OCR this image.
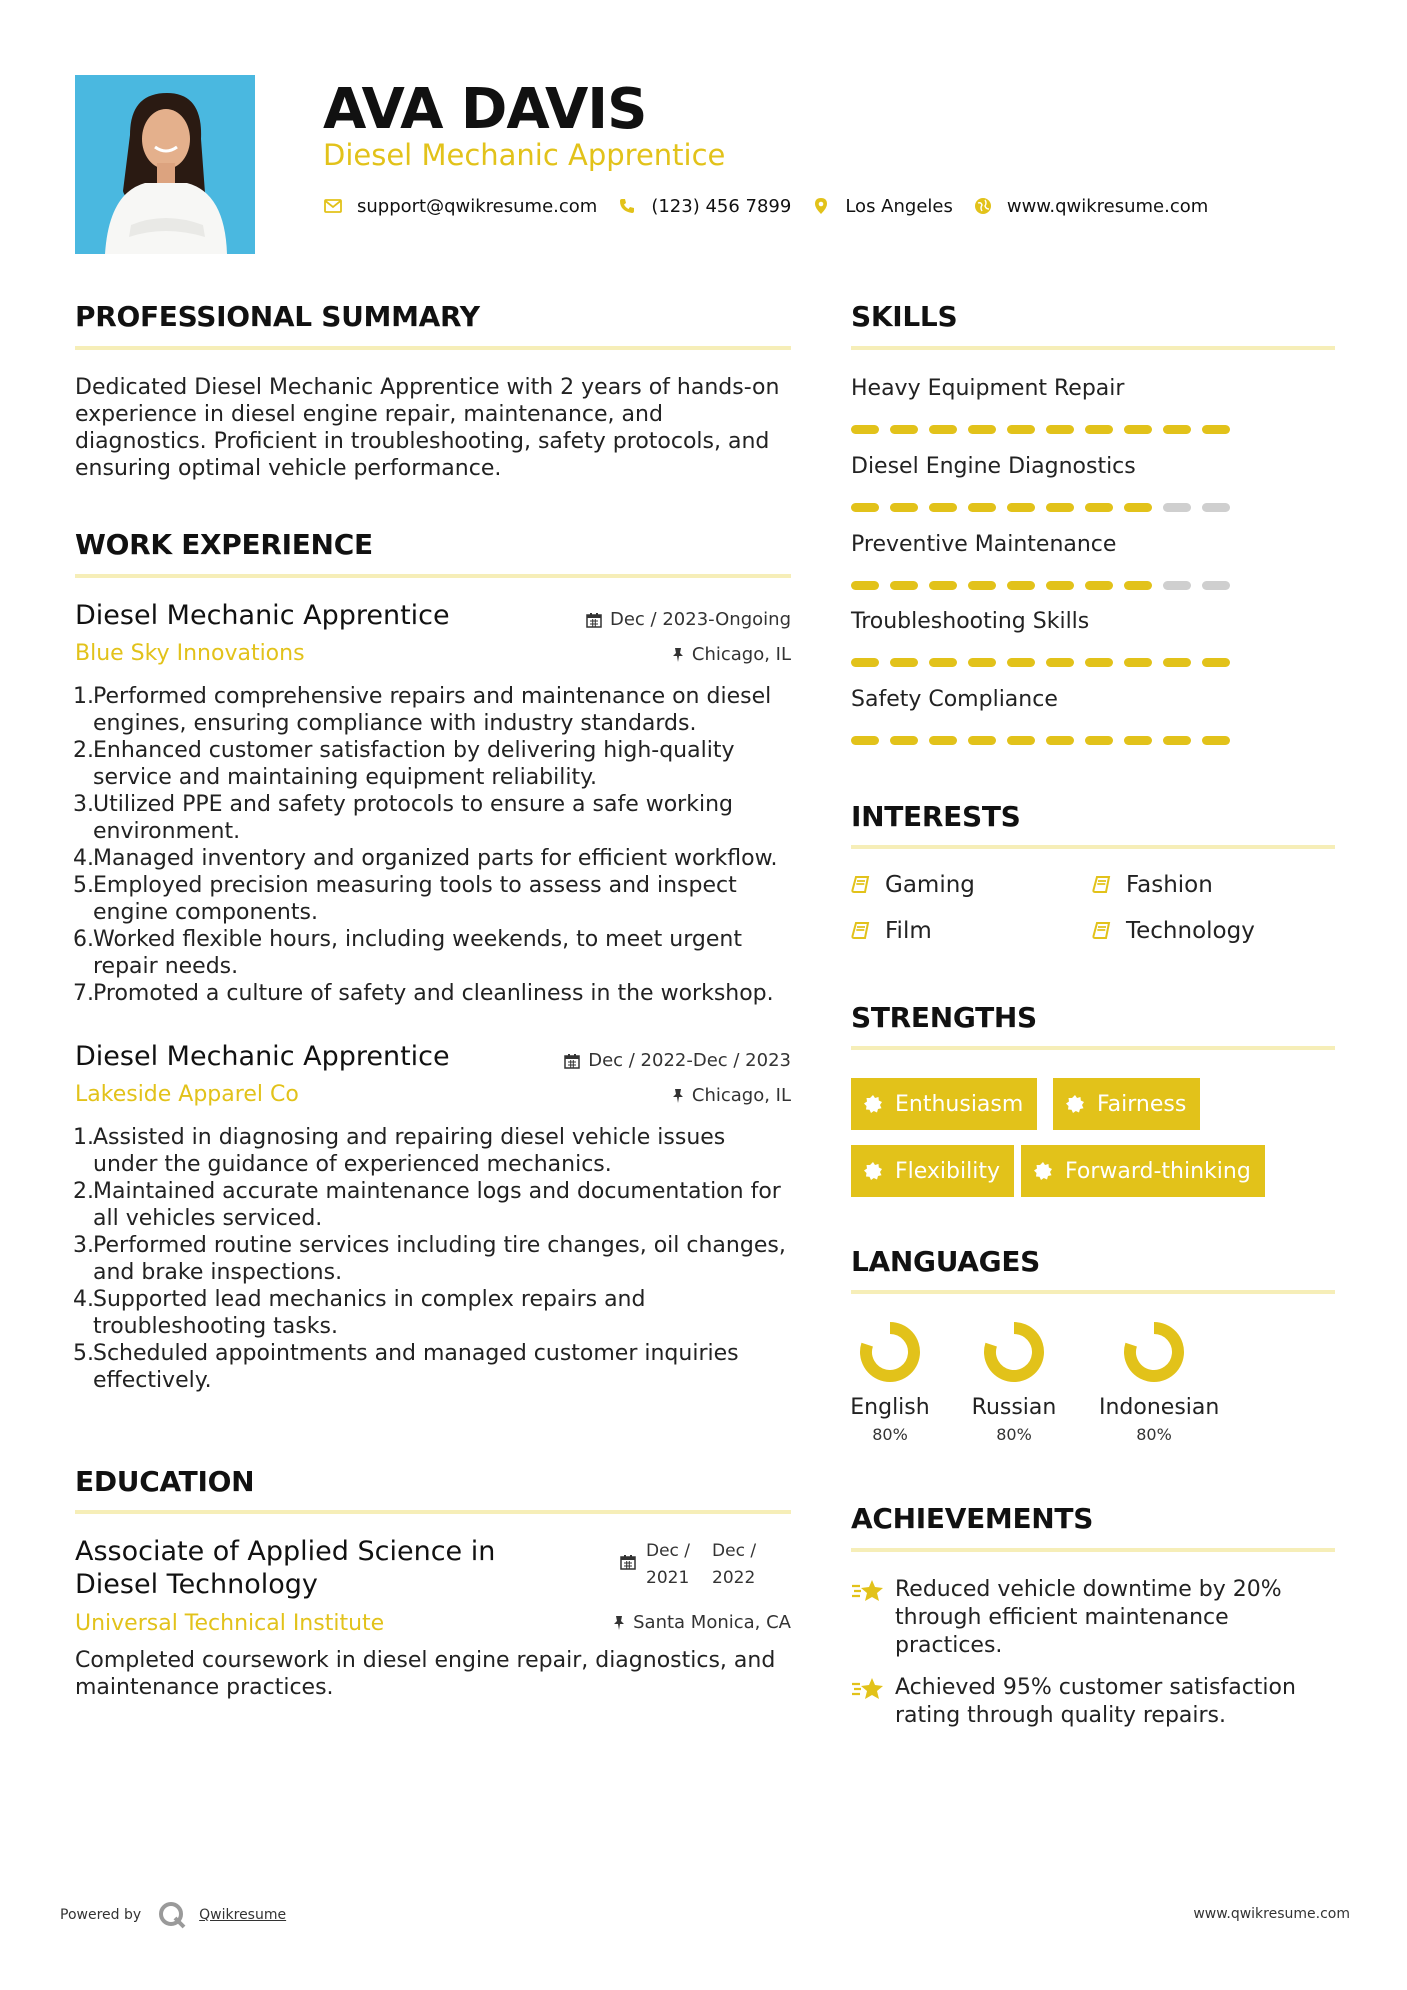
AVA DAVIS
Diesel Mechanic Apprentice
support@qwikresume.com	(123) 456 7899	Los Angeles	www.qwikresume.com
PROFESSIONAL SUMMARY
Dedicated Diesel Mechanic Apprentice with 2 years of hands-on experience in diesel engine repair, maintenance, and diagnostics. Proficient in troubleshooting, safety protocols, and ensuring optimal vehicle performance.
WORK EXPERIENCE
Diesel Mechanic Apprentice	Dec / 2023-Ongoing
Blue Sky Innovations	Chicago, IL
Performed comprehensive repairs and maintenance on diesel engines, ensuring compliance with industry standards.
Enhanced customer satisfaction by delivering high-quality service and maintaining equipment reliability.
Utilized PPE and safety protocols to ensure a safe working environment.
Managed inventory and organized parts for efficient workflow.
Employed precision measuring tools to assess and inspect engine components.
Worked flexible hours, including weekends, to meet urgent repair needs.
Promoted a culture of safety and cleanliness in the workshop.
Diesel Mechanic Apprentice	Dec / 2022-Dec / 2023
Lakeside Apparel Co	Chicago, IL
Assisted in diagnosing and repairing diesel vehicle issues under the guidance of experienced mechanics.
Maintained accurate maintenance logs and documentation for all vehicles serviced.
Performed routine services including tire changes, oil changes, and brake inspections.
Supported lead mechanics in complex repairs and troubleshooting tasks.
Scheduled appointments and managed customer inquiries effectively.
EDUCATION
Associate of Applied Science in
Diesel Technology
Dec /
2021
Dec /
2022
Universal Technical Institute	Santa Monica, CA
Completed coursework in diesel engine repair, diagnostics, and maintenance practices.
SKILLS
Heavy Equipment Repair
Diesel Engine Diagnostics
Preventive Maintenance
Troubleshooting Skills
Safety Compliance
INTERESTS
Gaming	Fashion
Film	Technology
STRENGTHS
Enthusiasm	Fairness
Flexibility	Forward-thinking
LANGUAGES
English
80%
Russian
80%
Indonesian
80%
ACHIEVEMENTS
Reduced vehicle downtime by 20% through efficient maintenance practices.
Achieved 95% customer satisfaction rating through quality repairs.
Powered by	Qwikresume	www.qwikresume.com
